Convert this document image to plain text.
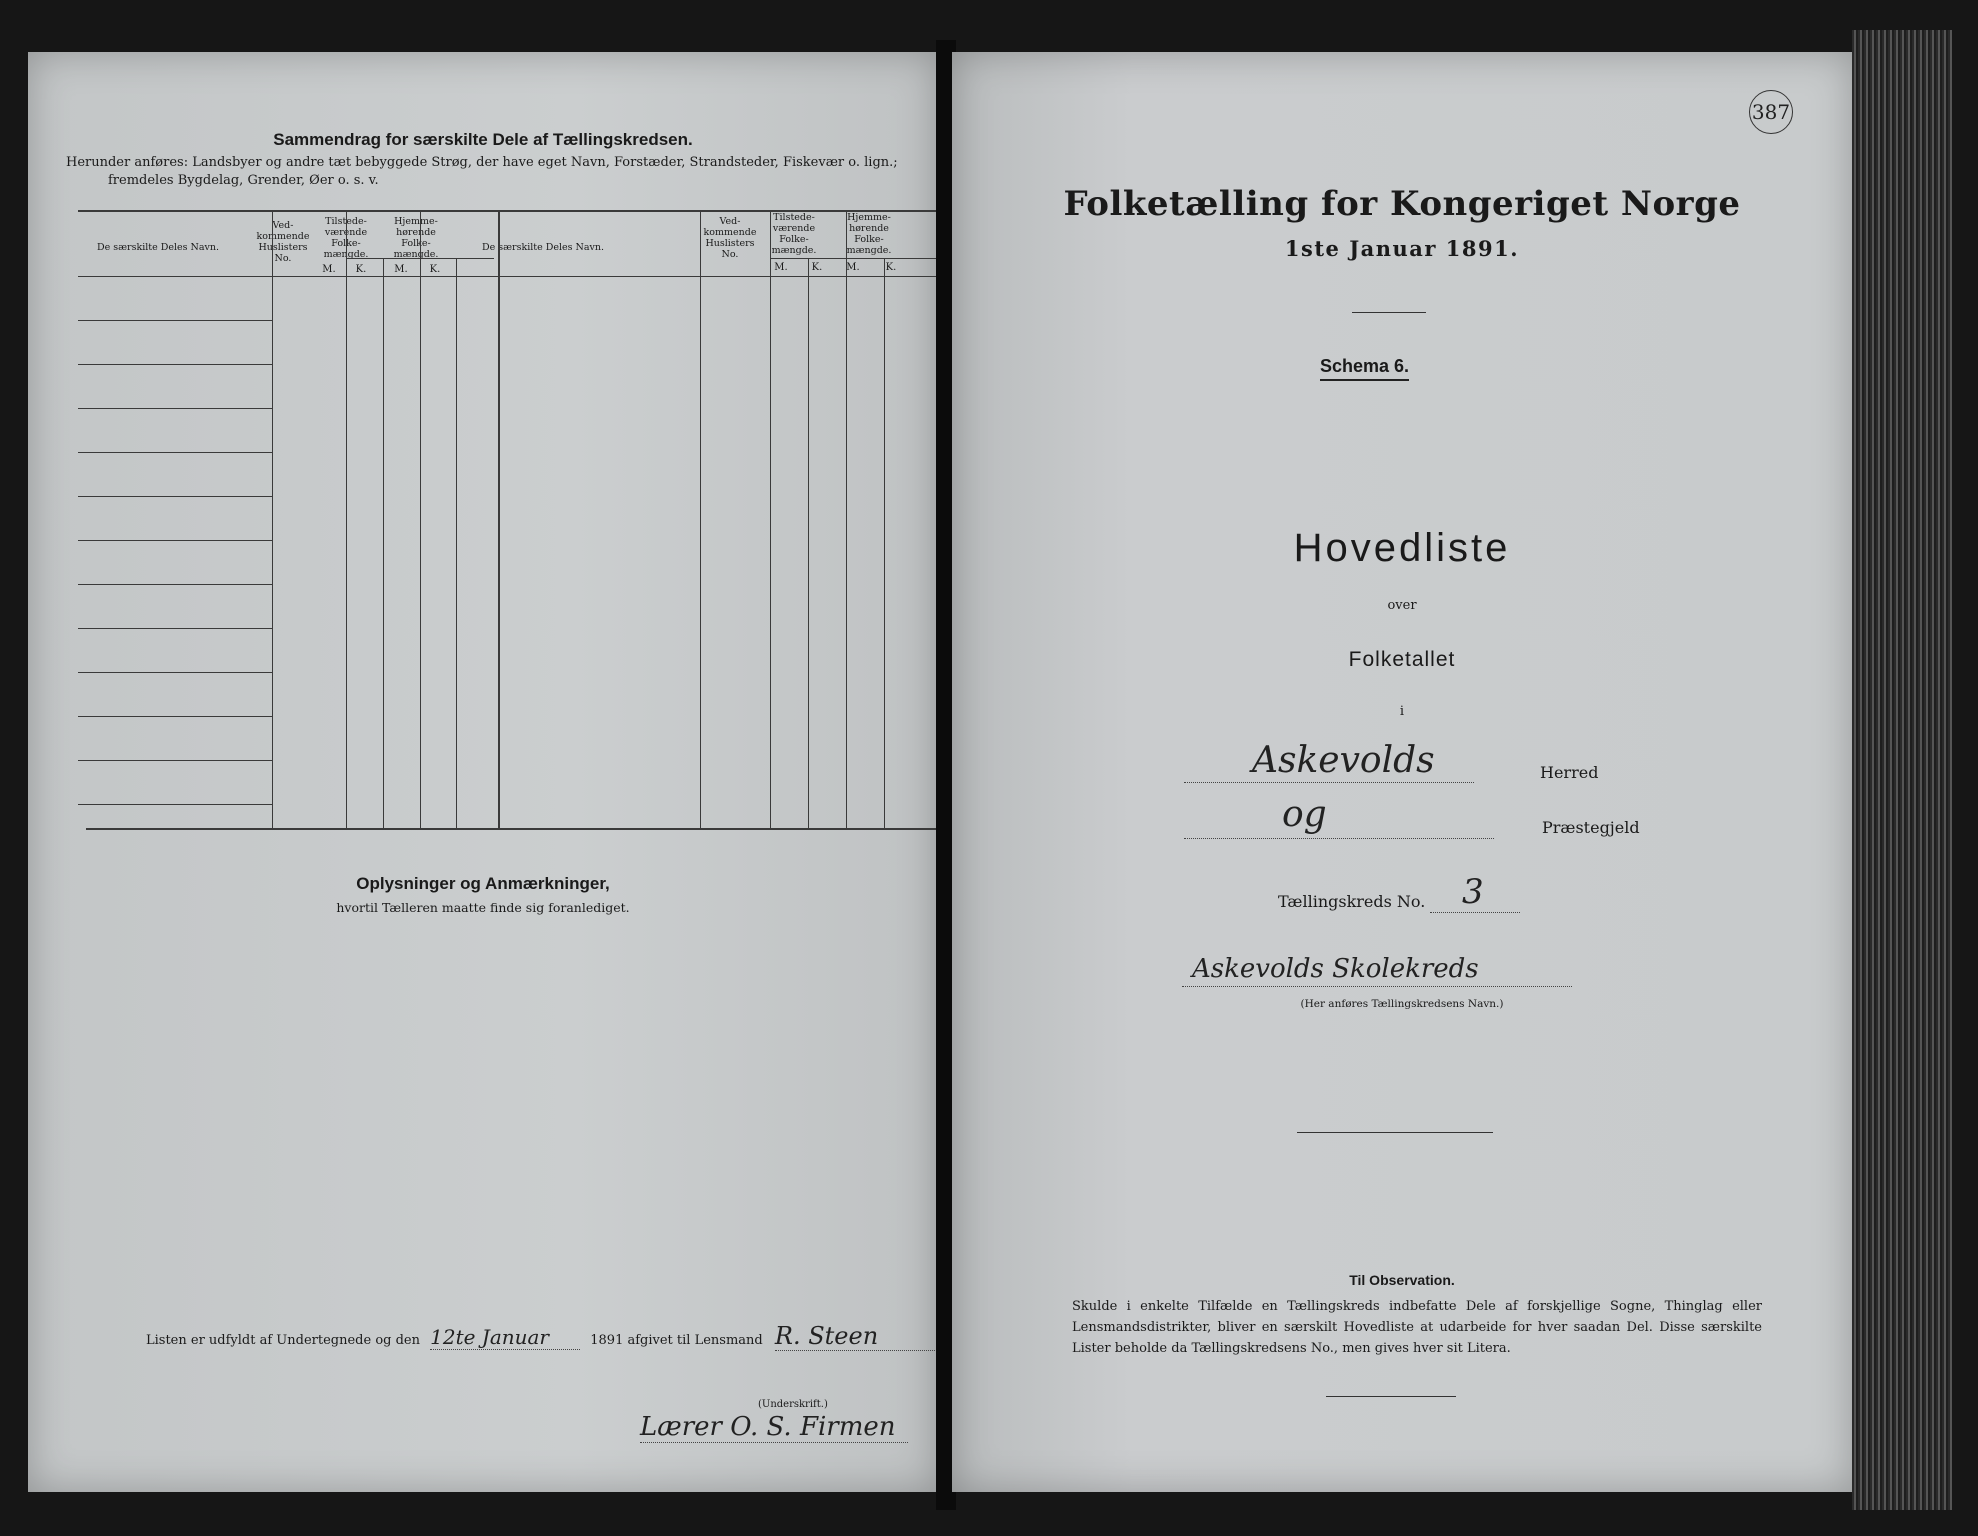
Sammendrag for særskilte Dele af Tællingskredsen.
Herunder anføres: Landsbyer og andre tæt bebyggede Strøg, der have eget Navn, Forstæder, Strandsteder, Fiskevær o. lign.;
fremdeles Bygdelag, Grender, Øer o. s. v.
De særskilte Deles Navn.
Ved-kommende Huslisters No.
Tilstede-værende Folke-mængde.
Hjemme-hørende Folke-mængde.
M.	K.	M.	K.
De særskilte Deles Navn.
Ved-kommende Huslisters No.
Tilstede-værende Folke-mængde.
Hjemme-hørende Folke-mængde.
M.	K.	M.	K.
Oplysninger og Anmærkninger,
hvortil Tælleren maatte finde sig foranlediget.
Listen er udfyldt af Undertegnede og den 12te Januar	1891 afgivet til Lensmand R. Steen
(Underskrift.)
Lærer O. S. Firmen
387
Folketælling for Kongeriget Norge
1ste Januar 1891.
Schema 6.
Hovedliste
over
Folketallet
i
Askevolds	Herred
og	Præstegjeld
Tællingskreds No. 3
Askevolds Skolekreds
(Her anføres Tællingskredsens Navn.)
Til Observation.
Skulde i enkelte Tilfælde en Tællingskreds indbefatte Dele af forskjellige Sogne, Thinglag eller Lensmandsdistrikter, bliver en særskilt Hovedliste at udarbeide for hver saadan Del. Disse særskilte Lister beholde da Tællingskredsens No., men gives hver sit Litera.
